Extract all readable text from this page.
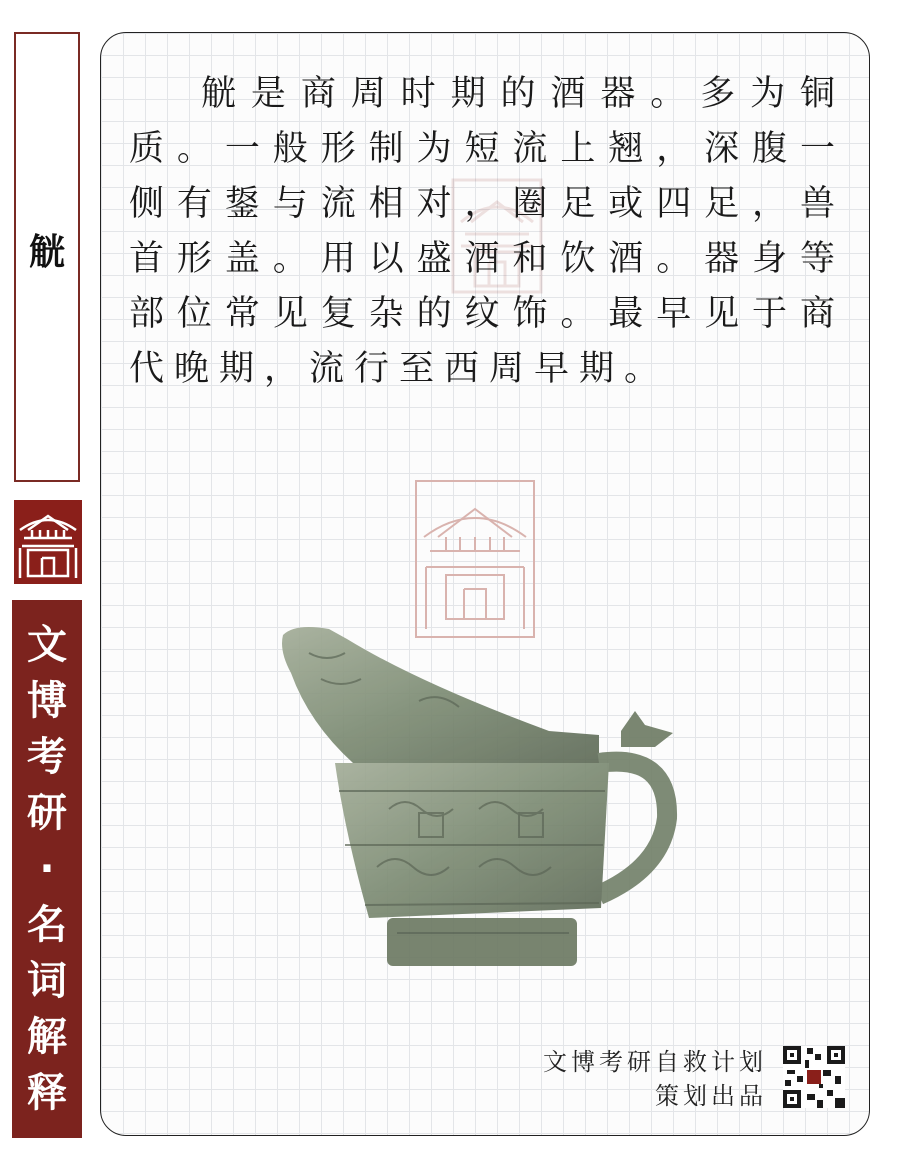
觥
文
博
考
研
·
名
词
解
释

觥是商周时期的酒器。多为铜质。一般形制为短流上翘，深腹一侧有鋬与流相对，圈足或四足，兽首形盖。用以盛酒和饮酒。器身等部位常见复杂的纹饰。最早见于商代晚期，流行至西周早期。

文博考研自救计划
策划出品
